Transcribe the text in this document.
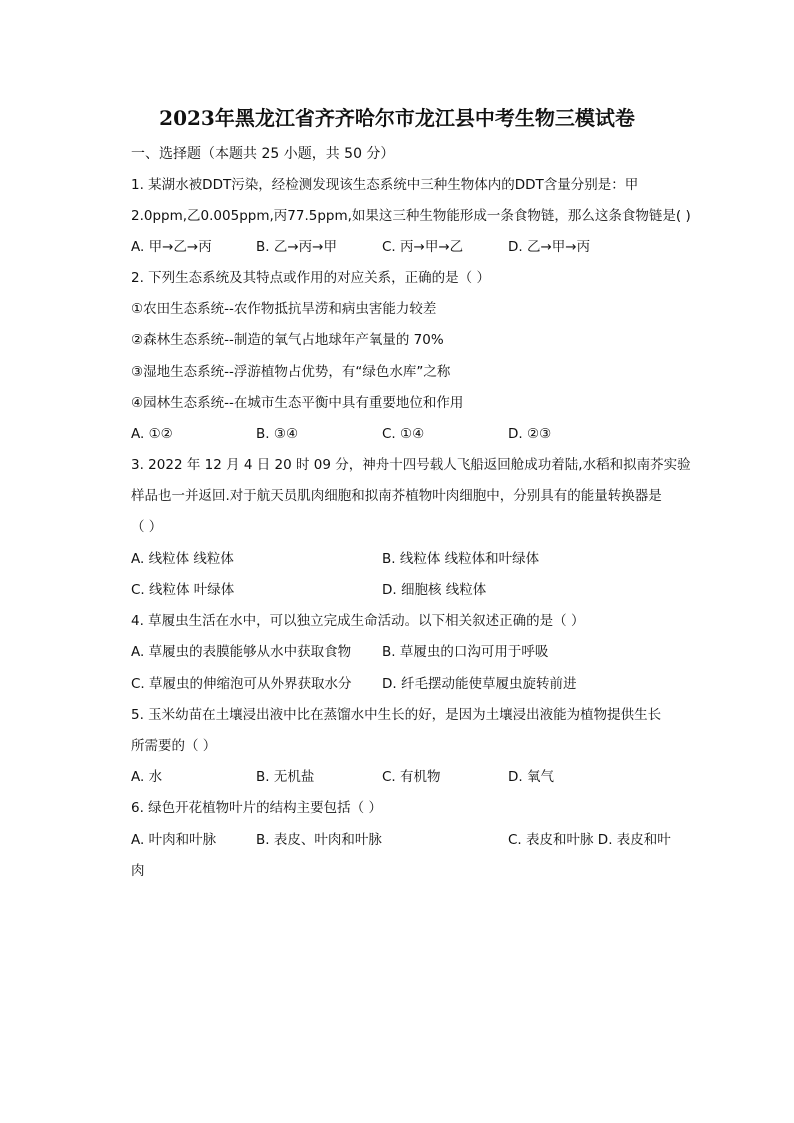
2023年黑龙江省齐齐哈尔市龙江县中考生物三模试卷
一、选择题（本题共 25 小题，共 50 分）
1. 某湖水被DDT污染，经检测发现该生态系统中三种生物体内的DDT含量分别是：甲
2.0ppm,乙0.005ppm,丙77.5ppm,如果这三种生物能形成一条食物链，那么这条食物链是( )
A. 甲→乙→丙	B. 乙→丙→甲	C. 丙→甲→乙	D. 乙→甲→丙
2. 下列生态系统及其特点或作用的对应关系，正确的是（ ）
①农田生态系统--农作物抵抗旱涝和病虫害能力较差
②森林生态系统--制造的氧气占地球年产氧量的 70%
③湿地生态系统--浮游植物占优势，有“绿色水库”之称
④园林生态系统--在城市生态平衡中具有重要地位和作用
A. ①②	B. ③④	C. ①④	D. ②③
3. 2022 年 12 月 4 日 20 时 09 分，神舟十四号载人飞船返回舱成功着陆,水稻和拟南芥实验
样品也一并返回.对于航天员肌肉细胞和拟南芥植物叶肉细胞中，分别具有的能量转换器是
（ ）
A. 线粒体 线粒体	B. 线粒体 线粒体和叶绿体
C. 线粒体 叶绿体	D. 细胞核 线粒体
4. 草履虫生活在水中，可以独立完成生命活动。以下相关叙述正确的是（ ）
A. 草履虫的表膜能够从水中获取食物 B. 草履虫的口沟可用于呼吸
C. 草履虫的伸缩泡可从外界获取水分 D. 纤毛摆动能使草履虫旋转前进
5. 玉米幼苗在土壤浸出液中比在蒸馏水中生长的好，是因为土壤浸出液能为植物提供生长
所需要的（ ）
A. 水	B. 无机盐	C. 有机物	D. 氧气
6. 绿色开花植物叶片的结构主要包括（ ）
A. 叶肉和叶脉	B. 表皮、叶肉和叶脉	C. 表皮和叶脉 D. 表皮和叶
肉
